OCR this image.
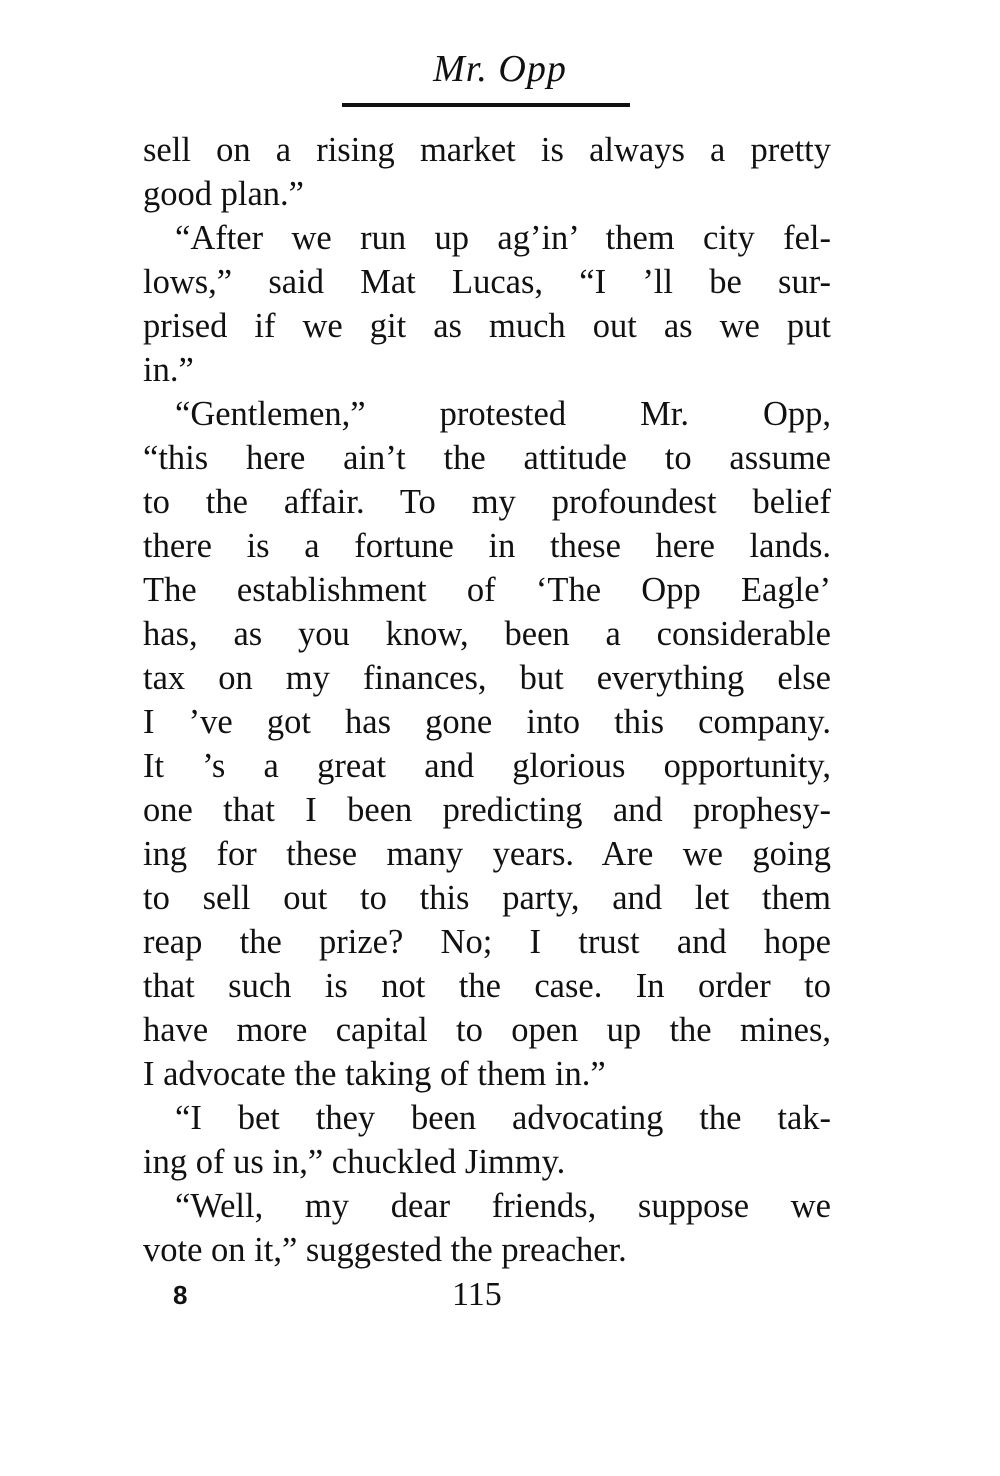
Mr. Opp

sell on a rising market is always a pretty
good plan.”

“After we run up ag’in’ them city fel-
lows,” said Mat Lucas, “I ’ll be sur-
prised if we git as much out as we put
in.”

“Gentlemen,” protested Mr. Opp,
“this here ain’t the attitude to assume
to the affair. To my profoundest belief
there is a fortune in these here lands.
The establishment of ‘The Opp Eagle’
has, as you know, been a considerable
tax on my finances, but everything else
I ’ve got has gone into this company.
It ’s a great and glorious opportunity,
one that I been predicting and prophesy-
ing for these many years. Are we going
to sell out to this party, and let them
reap the prize? No; I trust and hope
that such is not the case. In order to
have more capital to open up the mines,
I advocate the taking of them in.”

“I bet they been advocating the tak-
ing of us in,” chuckled Jimmy.

“Well, my dear friends, suppose we
vote on it,” suggested the preacher.

8	115
